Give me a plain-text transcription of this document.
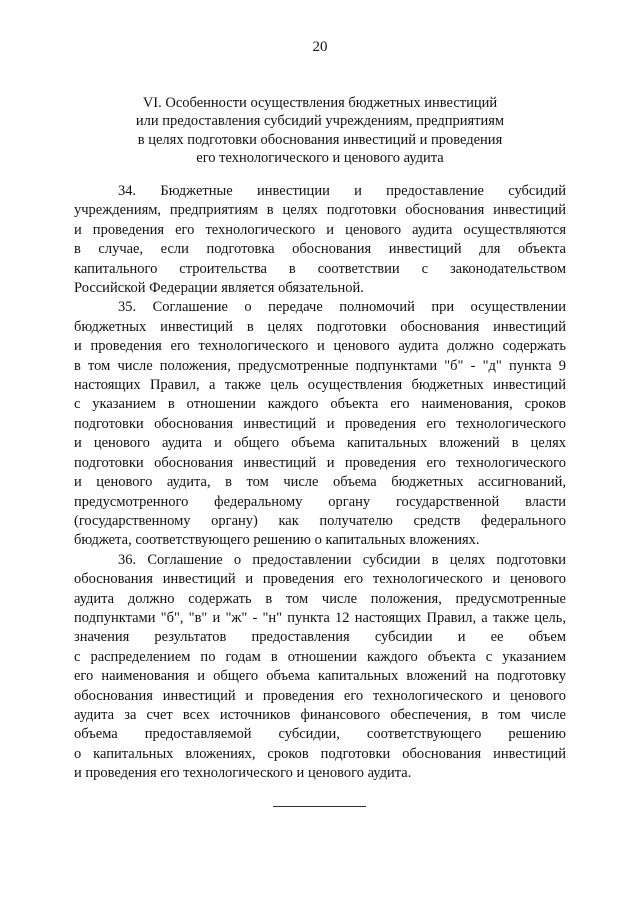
20
VI. Особенности осуществления бюджетных инвестиций
или предоставления субсидий учреждениям, предприятиям
в целях подготовки обоснования инвестиций и проведения
его технологического и ценового аудита
34. Бюджетные инвестиции и предоставление субсидий
учреждениям, предприятиям в целях подготовки обоснования инвестиций
и проведения его технологического и ценового аудита осуществляются
в случае, если подготовка обоснования инвестиций для объекта
капитального строительства в соответствии с законодательством
Российской Федерации является обязательной.
35. Соглашение о передаче полномочий при осуществлении
бюджетных инвестиций в целях подготовки обоснования инвестиций
и проведения его технологического и ценового аудита должно содержать
в том числе положения, предусмотренные подпунктами "б" - "д" пункта 9
настоящих Правил, а также цель осуществления бюджетных инвестиций
с указанием в отношении каждого объекта его наименования, сроков
подготовки обоснования инвестиций и проведения его технологического
и ценового аудита и общего объема капитальных вложений в целях
подготовки обоснования инвестиций и проведения его технологического
и ценового аудита, в том числе объема бюджетных ассигнований,
предусмотренного федеральному органу государственной власти
(государственному органу) как получателю средств федерального
бюджета, соответствующего решению о капитальных вложениях.
36. Соглашение о предоставлении субсидии в целях подготовки
обоснования инвестиций и проведения его технологического и ценового
аудита должно содержать в том числе положения, предусмотренные
подпунктами "б", "в" и "ж" - "н" пункта 12 настоящих Правил, а также цель,
значения результатов предоставления субсидии и ее объем
с распределением по годам в отношении каждого объекта с указанием
его наименования и общего объема капитальных вложений на подготовку
обоснования инвестиций и проведения его технологического и ценового
аудита за счет всех источников финансового обеспечения, в том числе
объема предоставляемой субсидии, соответствующего решению
о капитальных вложениях, сроков подготовки обоснования инвестиций
и проведения его технологического и ценового аудита.
